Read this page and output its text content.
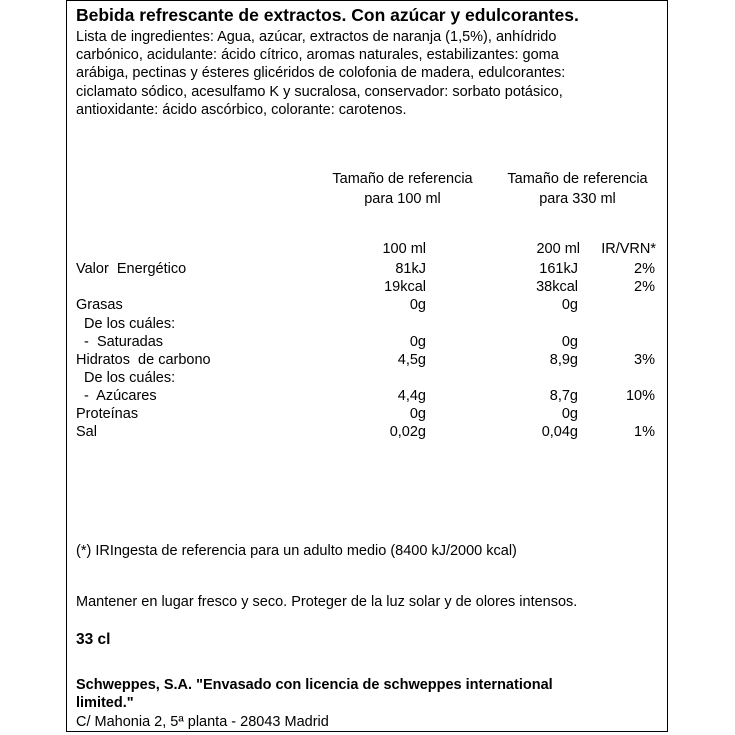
Bebida refrescante de extractos. Con azúcar y edulcorantes.
Lista de ingredientes: Agua, azúcar, extractos de naranja (1,5%), anhídrido
carbónico, acidulante: ácido cítrico, aromas naturales, estabilizantes: goma
arábiga, pectinas y ésteres glicéridos de colofonia de madera, edulcorantes:
ciclamato sódico, acesulfamo K y sucralosa, conservador: sorbato potásico,
antioxidante: ácido ascórbico, colorante: carotenos.
Tamaño de referencia
para 100 ml
Tamaño de referencia
para 330 ml
100 ml	200 ml	IR/VRN*
Valor  Energético	81kJ	161kJ	2%
19kcal	38kcal	2%
Grasas	0g	0g
De los cuáles:
-  Saturadas	0g	0g
Hidratos  de carbono	4,5g	8,9g	3%
De los cuáles:
-  Azúcares	4,4g	8,7g	10%
Proteínas	0g	0g
Sal	0,02g	0,04g	1%
(*) IRIngesta de referencia para un adulto medio (8400 kJ/2000 kcal)
Mantener en lugar fresco y seco. Proteger de la luz solar y de olores intensos.
33 cl
Schweppes, S.A. "Envasado con licencia de schweppes international
limited."
C/ Mahonia 2, 5ª planta - 28043 Madrid
